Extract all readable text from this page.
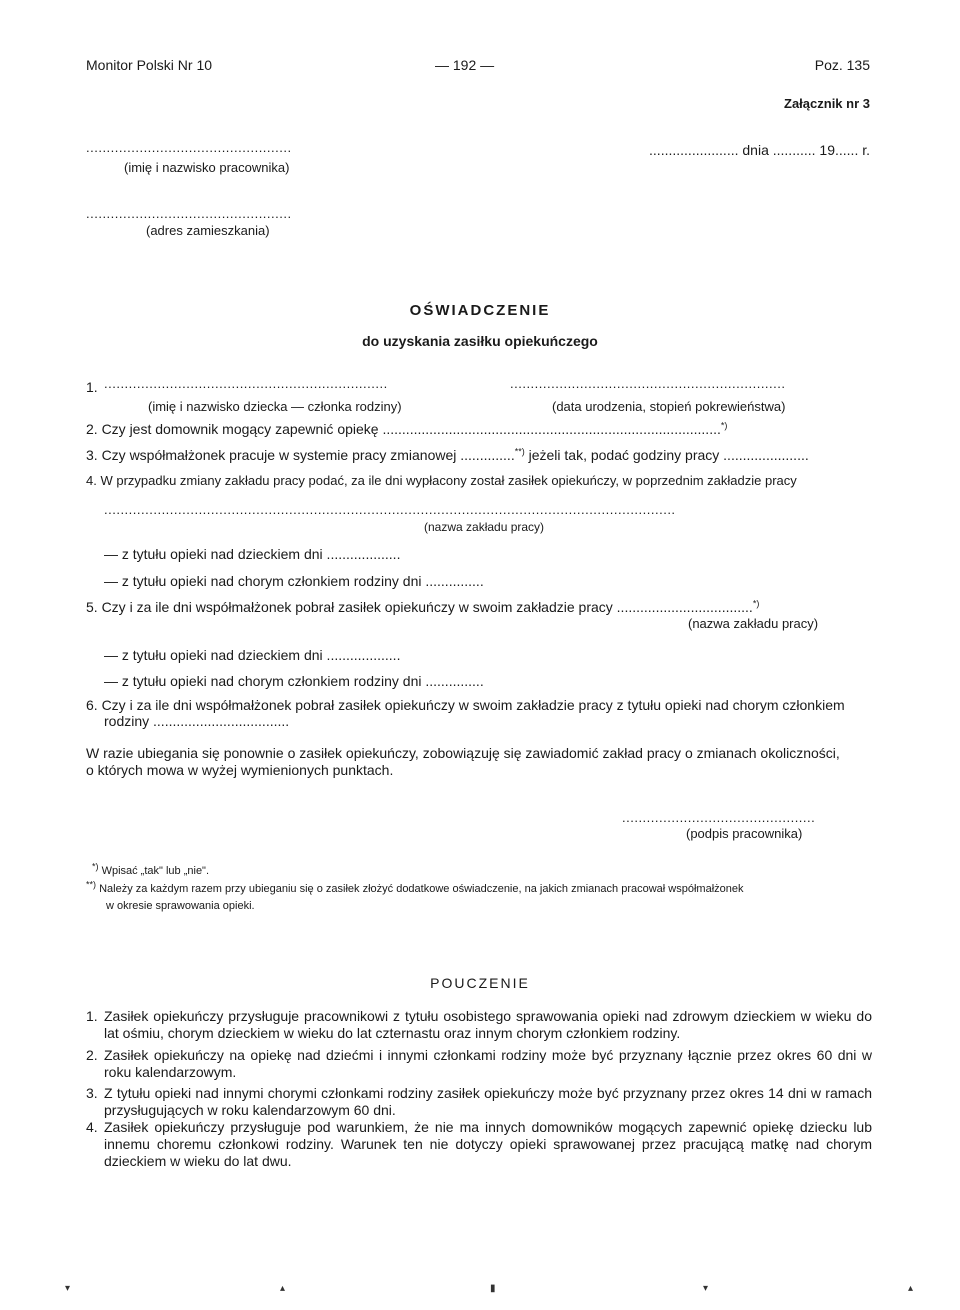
Monitor Polski Nr 10	— 192 —	Poz. 135
Załącznik nr 3
..................................................
(imię i nazwisko pracownika)
....................... dnia ........... 19...... r.
..................................................
(adres zamieszkania)
OŚWIADCZENIE
do uzyskania zasiłku opiekuńczego
1. .....................................................................	...................................................................
(imię i nazwisko dziecka — członka rodziny)	(data urodzenia, stopień pokrewieństwa)
2. Czy jest domownik mogący zapewnić opiekę .......................................................................................*)
3. Czy współmałżonek pracuje w systemie pracy zmianowej ..............**) jeżeli tak, podać godziny pracy ......................
4. W przypadku zmiany zakładu pracy podać, za ile dni wypłacony został zasiłek opiekuńczy, w poprzednim zakładzie pracy
...........................................................................................................................................
(nazwa zakładu pracy)
— z tytułu opieki nad dzieckiem dni ...................
— z tytułu opieki nad chorym członkiem rodziny dni ...............
5. Czy i za ile dni współmałżonek pobrał zasiłek opiekuńczy w swoim zakładzie pracy ...................................*)
(nazwa zakładu pracy)
— z tytułu opieki nad dzieckiem dni ...................
— z tytułu opieki nad chorym członkiem rodziny dni ...............
6. Czy i za ile dni współmałżonek pobrał zasiłek opiekuńczy w swoim zakładzie pracy z tytułu opieki nad chorym członkiem
rodziny ...................................
W razie ubiegania się ponownie o zasiłek opiekuńczy, zobowiązuję się zawiadomić zakład pracy o zmianach okoliczności,
o których mowa w wyżej wymienionych punktach.
...............................................
(podpis pracownika)
*) Wpisać „tak" lub „nie".
**) Należy za każdym razem przy ubieganiu się o zasiłek złożyć dodatkowe oświadczenie, na jakich zmianach pracował współmałżonek
w okresie sprawowania opieki.
POUCZENIE
1. Zasiłek opiekuńczy przysługuje pracownikowi z tytułu osobistego sprawowania opieki nad zdrowym dzieckiem w wieku do lat ośmiu, chorym dzieckiem w wieku do lat czternastu oraz innym chorym członkiem rodziny.
2. Zasiłek opiekuńczy na opiekę nad dziećmi i innymi członkami rodziny może być przyznany łącznie przez okres 60 dni w roku kalendarzowym.
3. Z tytułu opieki nad innymi chorymi członkami rodziny zasiłek opiekuńczy może być przyznany przez okres 14 dni w ramach przysługujących w roku kalendarzowym 60 dni.
4. Zasiłek opiekuńczy przysługuje pod warunkiem, że nie ma innych domowników mogących zapewnić opiekę dziecku lub innemu choremu członkowi rodziny. Warunek ten nie dotyczy opieki sprawowanej przez pracującą matkę nad chorym dzieckiem w wieku do lat dwu.
▾	▴	▮	▾	▴
